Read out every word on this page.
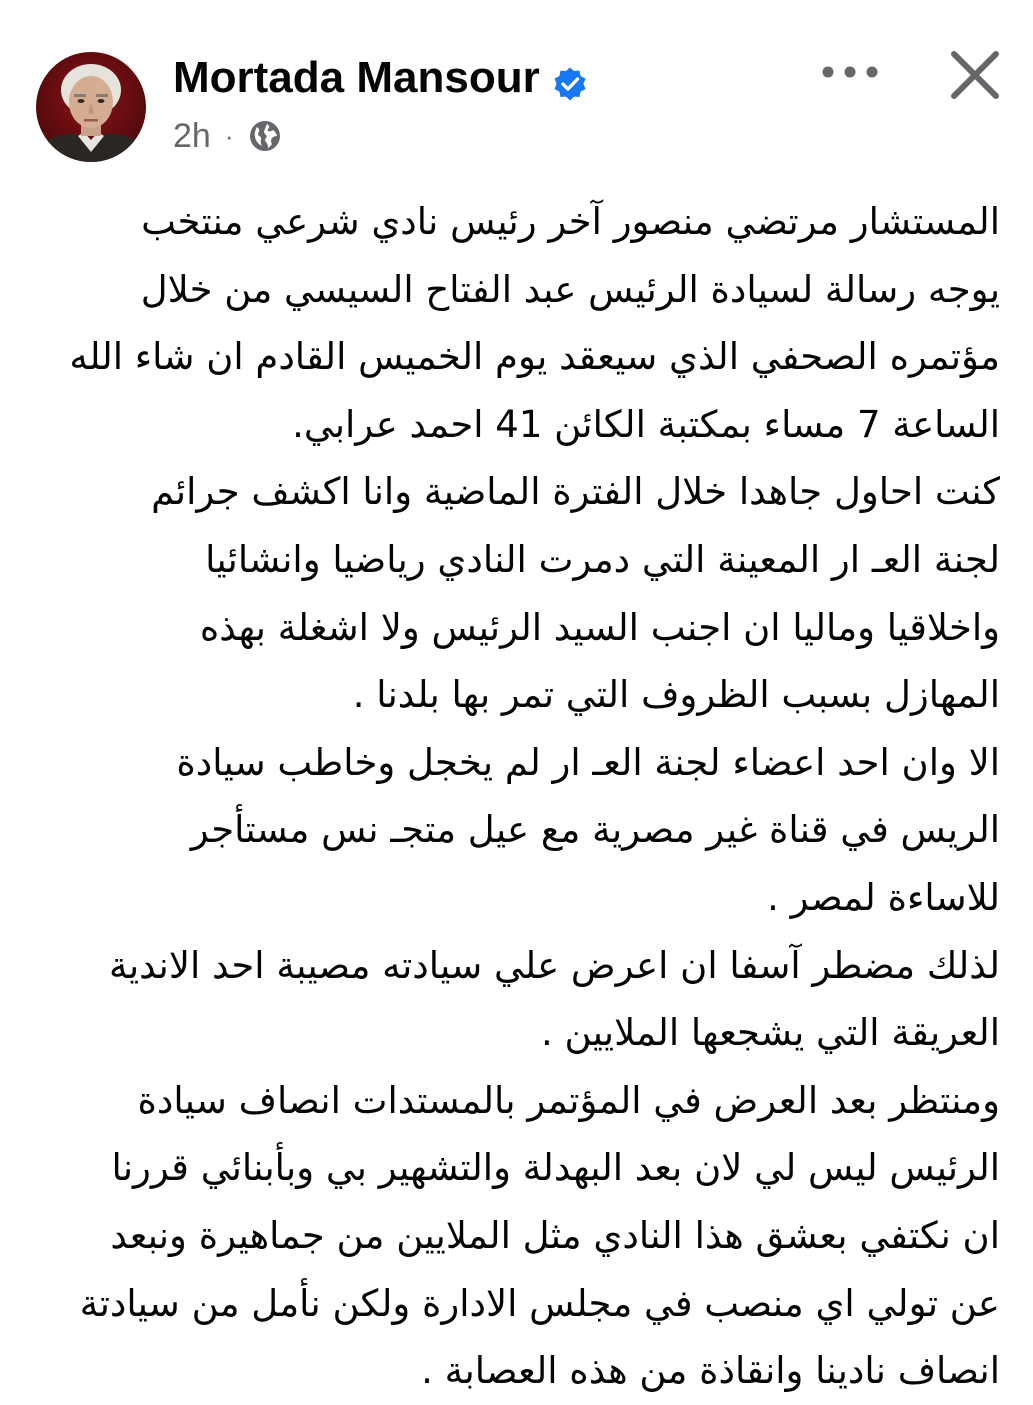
Mortada Mansour
2h ·
المستشار مرتضي منصور آخر رئيس نادي شرعي منتخب
يوجه رسالة لسيادة الرئيس عبد الفتاح السيسي من خلال
مؤتمره الصحفي الذي سيعقد يوم الخميس القادم ان شاء الله
الساعة 7 مساء بمكتبة الكائن 41 احمد عرابي.
كنت احاول جاهدا خلال الفترة الماضية وانا اكشف جرائم
لجنة العـ ار المعينة التي دمرت النادي رياضيا وانشائيا
واخلاقيا وماليا ان اجنب السيد الرئيس ولا اشغلة بهذه
المهازل بسبب الظروف التي تمر بها بلدنا .
الا وان احد اعضاء لجنة العـ ار لم يخجل وخاطب سيادة
الريس في قناة غير مصرية مع عيل متجـ نس مستأجر
للاساءة لمصر .
لذلك مضطر آسفا ان اعرض علي سيادته مصيبة احد الاندية
العريقة التي يشجعها الملايين .
ومنتظر بعد العرض في المؤتمر بالمستدات انصاف سيادة
الرئيس ليس لي لان بعد البهدلة والتشهير بي وبأبنائي قررنا
ان نكتفي بعشق هذا النادي مثل الملايين من جماهيرة ونبعد
عن تولي اي منصب في مجلس الادارة ولكن نأمل من سيادتة
انصاف نادينا وانقاذة من هذه العصابة .
